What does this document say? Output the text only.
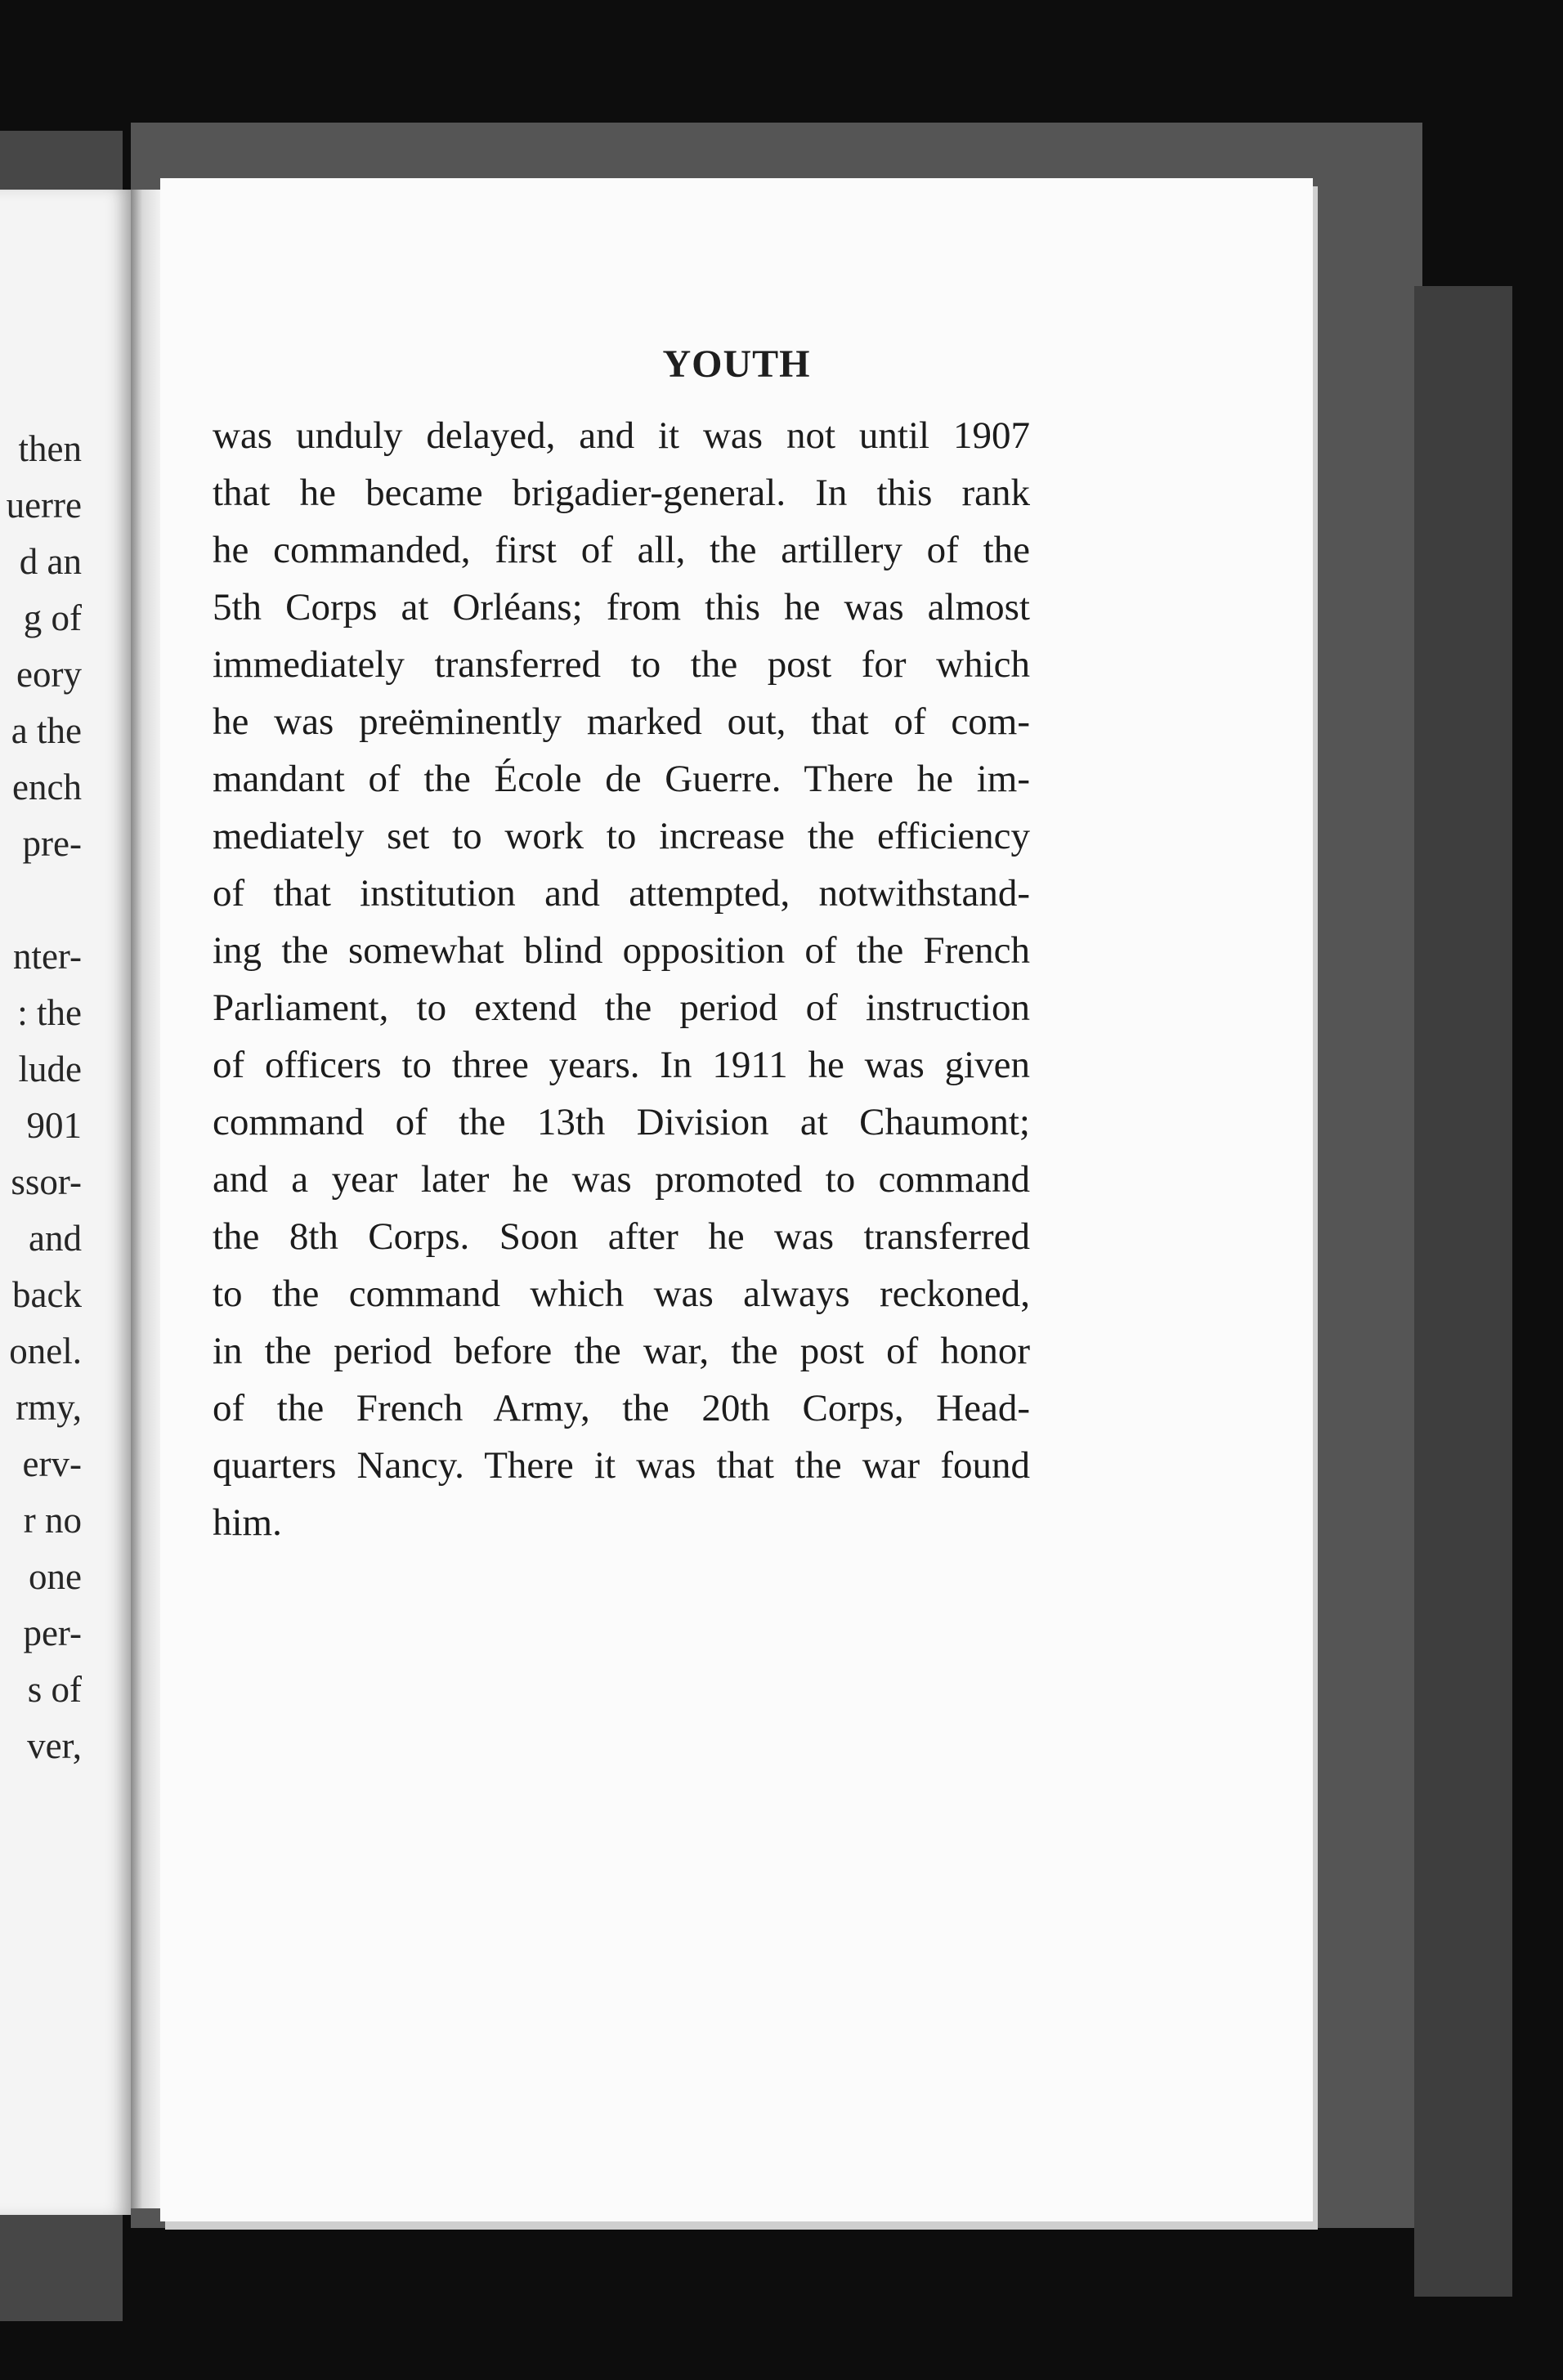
then

uerre

d an

g of

eory

a the

ench

pre-

nter-

: the

lude

901

ssor-

and

back

onel.

rmy,

erv-

r no

one

per-

s of

ver,

YOUTH

was unduly delayed, and it was not until 1907

that he became brigadier-general. In this rank

he commanded, first of all, the artillery of the

5th Corps at Orléans; from this he was almost

immediately transferred to the post for which

he was preëminently marked out, that of com-

mandant of the École de Guerre. There he im-

mediately set to work to increase the efficiency

of that institution and attempted, notwithstand-

ing the somewhat blind opposition of the French

Parliament, to extend the period of instruction

of officers to three years. In 1911 he was given

command of the 13th Division at Chaumont;

and a year later he was promoted to command

the 8th Corps. Soon after he was transferred

to the command which was always reckoned,

in the period before the war, the post of honor

of the French Army, the 20th Corps, Head-

quarters Nancy. There it was that the war found

him.
